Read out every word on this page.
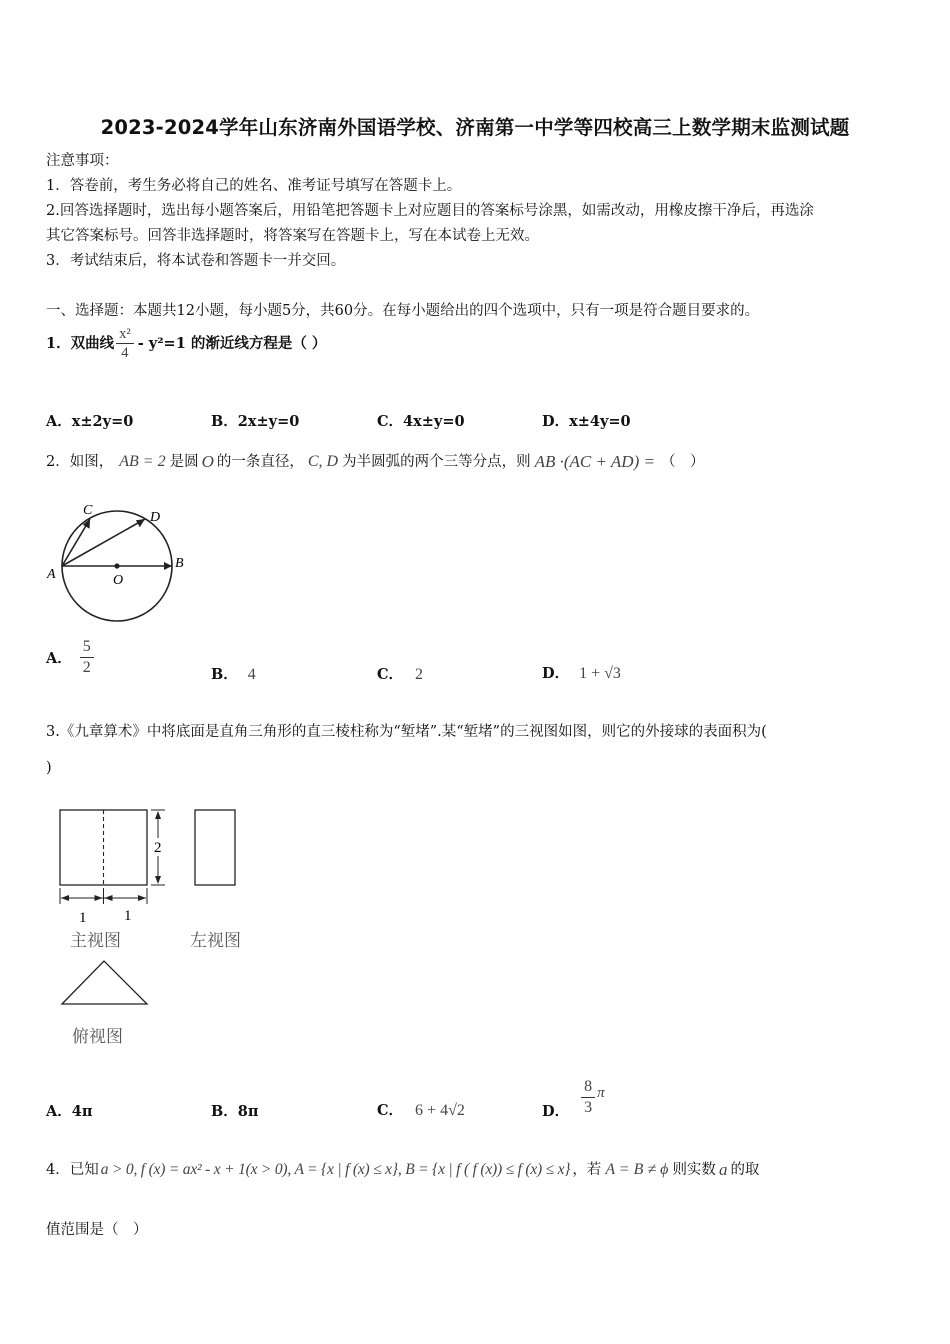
2023-2024学年山东济南外国语学校、济南第一中学等四校高三上数学期末监测试题
注意事项：
1．答卷前，考生务必将自己的姓名、准考证号填写在答题卡上。
2.回答选择题时，选出每小题答案后，用铅笔把答题卡上对应题目的答案标号涂黑，如需改动，用橡皮擦干净后，再选涂
其它答案标号。回答非选择题时，将答案写在答题卡上，写在本试卷上无效。
3．考试结束后，将本试卷和答题卡一并交回。
一、选择题：本题共12小题，每小题5分，共60分。在每小题给出的四个选项中，只有一项是符合题目要求的。
1．双曲线 $\frac{\text{x²}}{4} - y^2=1$ 的渐近线方程是（ ）
A．x±2y=0	B．2x±y=0	C．4x±y=0	D．x±4y=0
2．如图， AB = 2 是圆 O 的一条直径， C, D 为半圆弧的两个三等分点，则 AB ·(AC + AD) = （　）
A
B
C	D
O
A． $\frac{5}{2}$	B． 4	C． 2	D． 1 + √3
3.《九章算术》中将底面是直角三角形的直三棱柱称为“堑堵”.某“堑堵”的三视图如图，则它的外接球的表面积为(
)
2
1	1
主视图	左视图
俯视图
A．4π	B．8π	C． 6 + 4√2	D． $\frac{8}{3}$ π
4．已知 a > 0, f (x) = ax² - x + 1(x > 0), A = {x | f (x) ≤ x}, B = {x | f ( f (x)) ≤ f (x) ≤ x} ，若 A = B ≠ ϕ 则实数 a 的取
值范围是（　）
